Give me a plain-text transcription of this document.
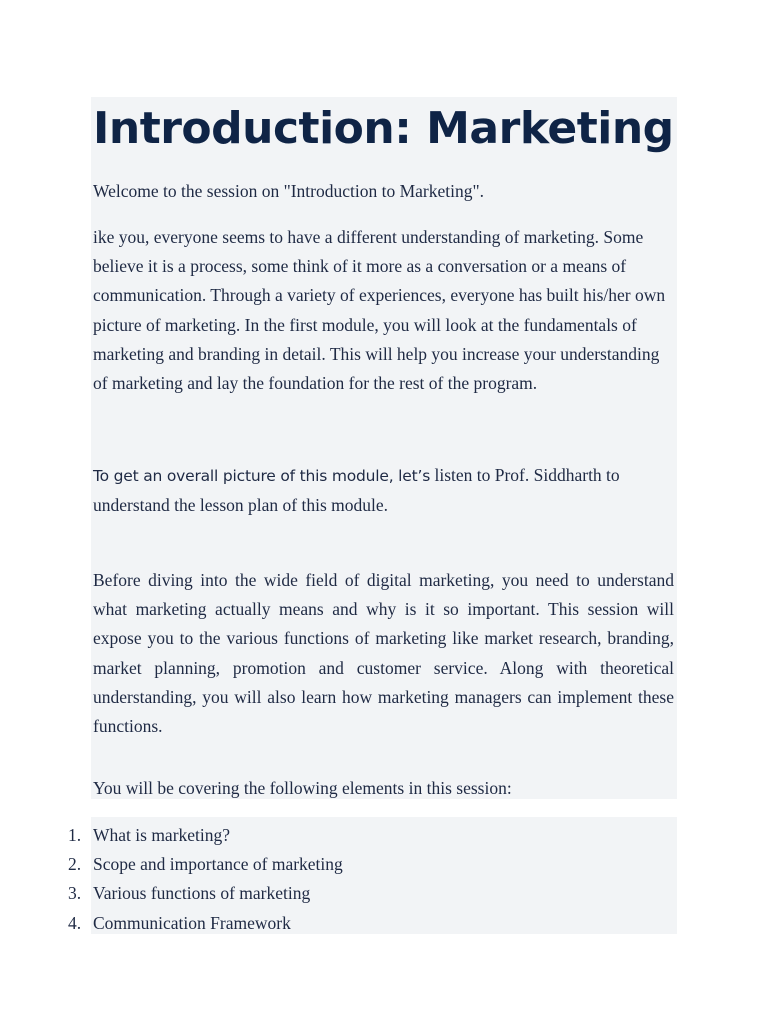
Introduction: Marketing

Welcome to the session on "Introduction to Marketing".

ike you, everyone seems to have a different understanding of marketing. Some believe it is a process, some think of it more as a conversation or a means of communication. Through a variety of experiences, everyone has built his/her own picture of marketing. In the first module, you will look at the fundamentals of marketing and branding in detail. This will help you increase your understanding of marketing and lay the foundation for the rest of the program.

To get an overall picture of this module, let’s listen to Prof. Siddharth to understand the lesson plan of this module.

Before diving into the wide field of digital marketing, you need to understand what marketing actually means and why is it so important. This session will expose you to the various functions of marketing like market research, branding, market planning, promotion and customer service. Along with theoretical understanding, you will also learn how marketing managers can implement these functions.

You will be covering the following elements in this session:

1. What is marketing?
2. Scope and importance of marketing
3. Various functions of marketing
4. Communication Framework
